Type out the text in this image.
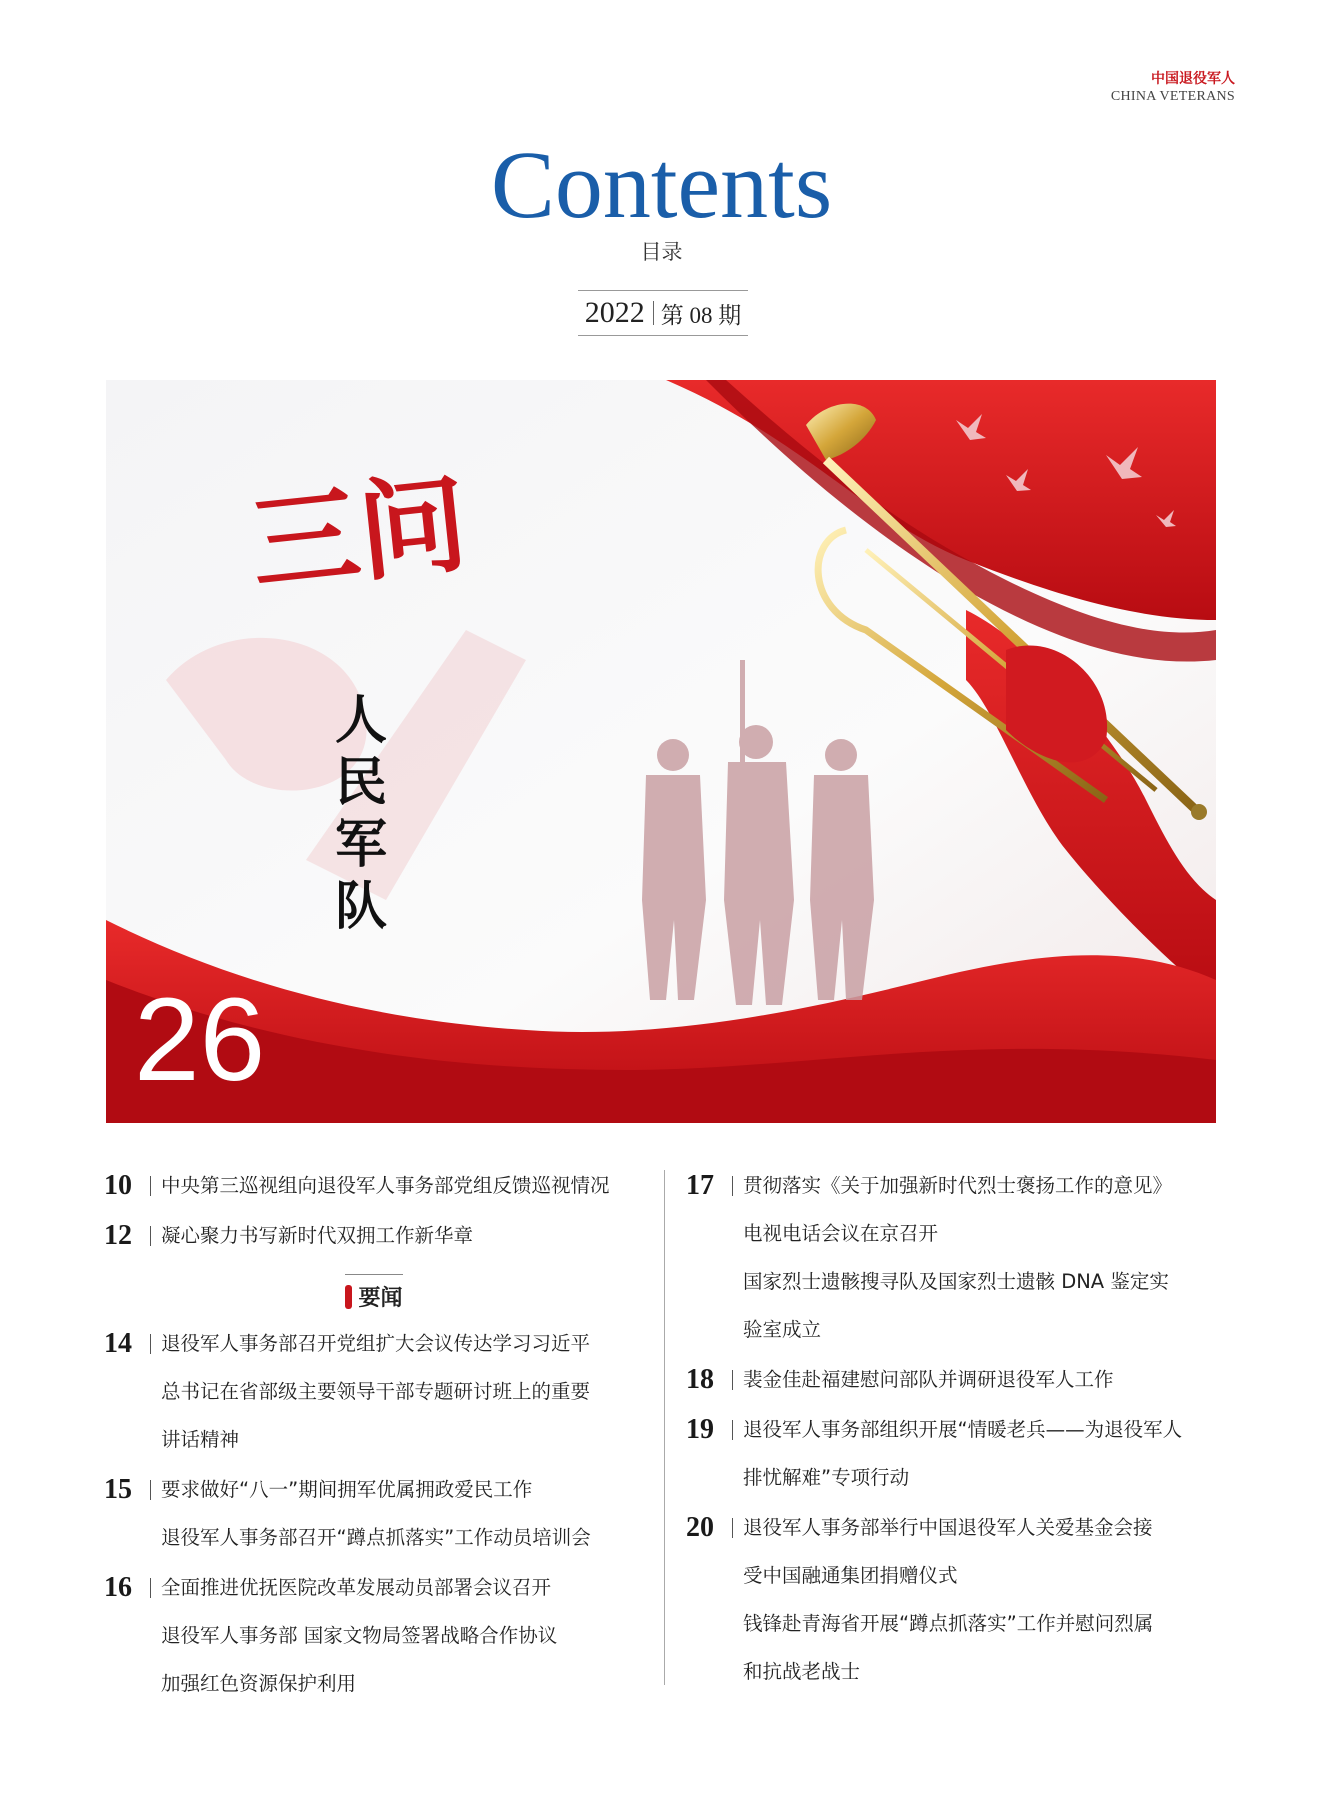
中国退役军人
CHINA VETERANS
Contents
目录
2022 第 08 期
三问
人民军队
26
10	中央第三巡视组向退役军人事务部党组反馈巡视情况
12	凝心聚力书写新时代双拥工作新华章
要闻
14	退役军人事务部召开党组扩大会议传达学习习近平
总书记在省部级主要领导干部专题研讨班上的重要
讲话精神
15	要求做好“八一”期间拥军优属拥政爱民工作
退役军人事务部召开“蹲点抓落实”工作动员培训会
16	全面推进优抚医院改革发展动员部署会议召开
退役军人事务部 国家文物局签署战略合作协议
加强红色资源保护利用
17	贯彻落实《关于加强新时代烈士褒扬工作的意见》
电视电话会议在京召开
国家烈士遗骸搜寻队及国家烈士遗骸 DNA 鉴定实
验室成立
18	裴金佳赴福建慰问部队并调研退役军人工作
19	退役军人事务部组织开展“情暖老兵——为退役军人
排忧解难”专项行动
20	退役军人事务部举行中国退役军人关爱基金会接
受中国融通集团捐赠仪式
钱锋赴青海省开展“蹲点抓落实”工作并慰问烈属
和抗战老战士
